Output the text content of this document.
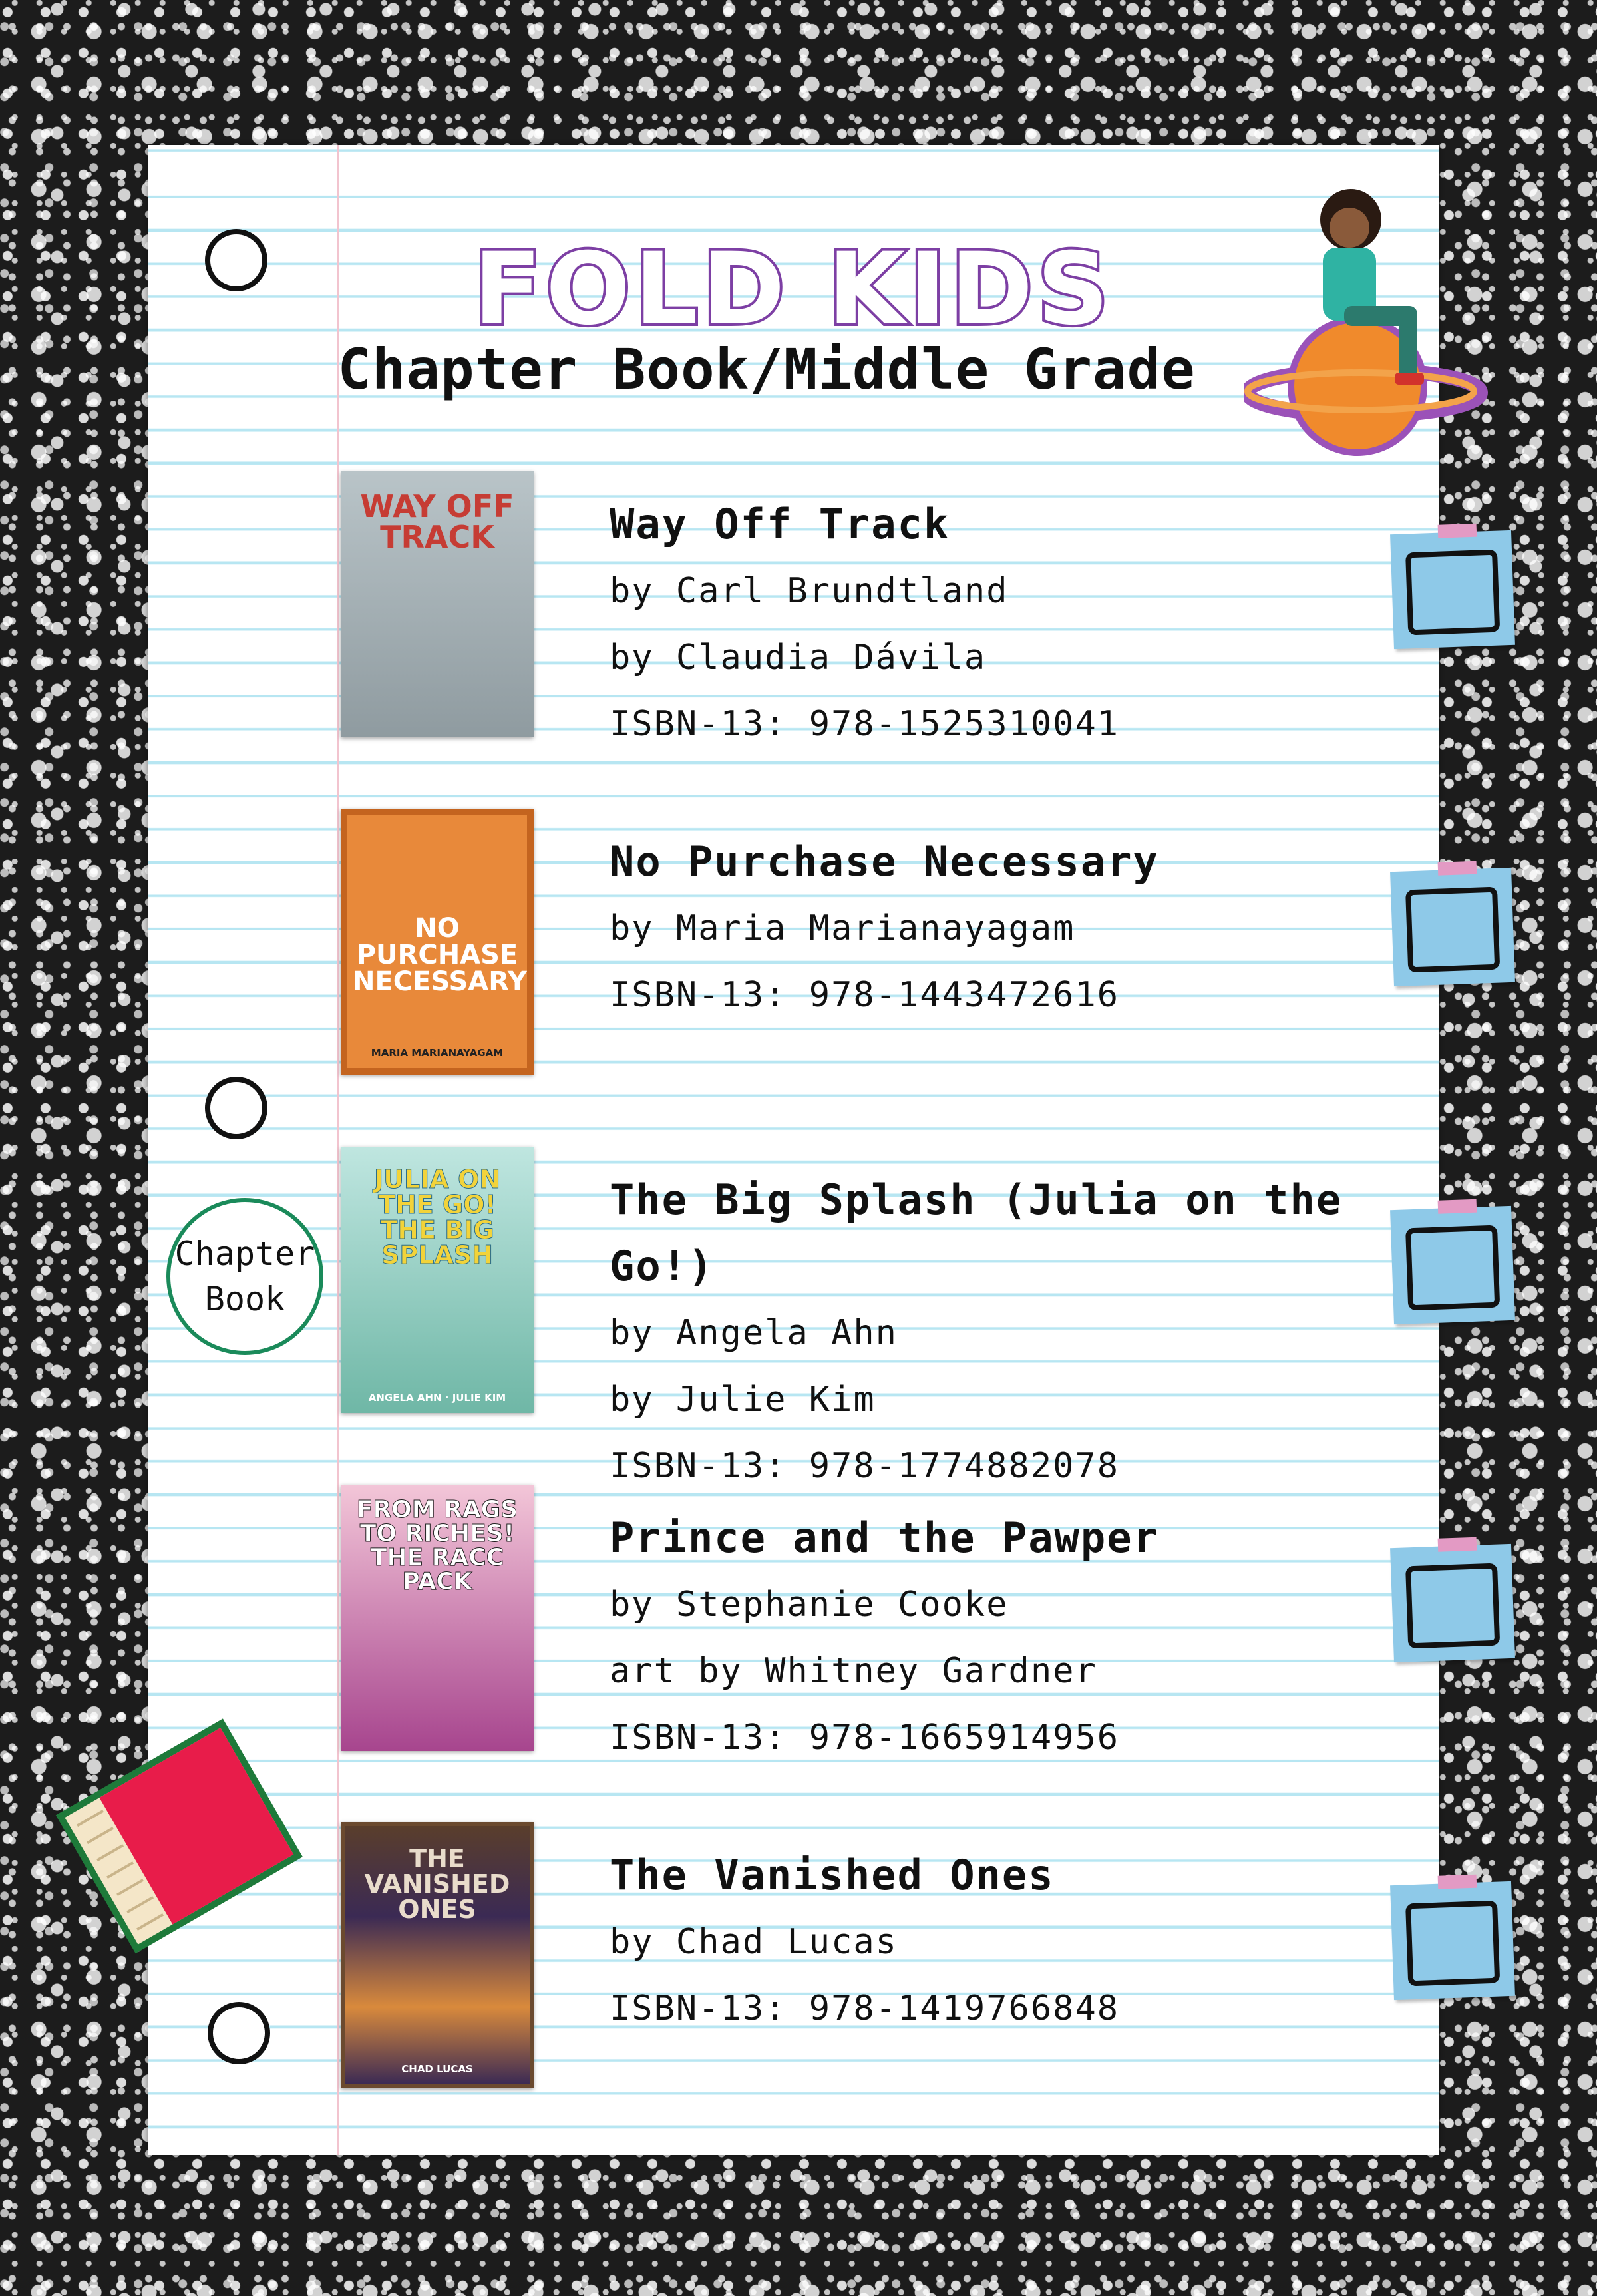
FOLD KIDS
Chapter Book/Middle Grade
WAY OFF TRACK	Way Off Track
by Carl Brundtland
by Claudia Dávila
ISBN-13: 978-1525310041
NO PURCHASE NECESSARY
MARIA MARIANAYAGAM
No Purchase Necessary
by Maria Marianayagam
ISBN-13: 978-1443472616
JULIA ON THE GO! THE BIG SPLASH
ANGELA AHN · JULIE KIM
The Big Splash (Julia on the Go!)
by Angela Ahn
by Julie Kim
ISBN-13: 978-1774882078
FROM RAGS TO RICHES! THE RACC PACK
Prince and the Pawper
by Stephanie Cooke
art by Whitney Gardner
ISBN-13: 978-1665914956
THE VANISHED ONES
CHAD LUCAS
The Vanished Ones
by Chad Lucas
ISBN-13: 978-1419766848
Chapter Book
